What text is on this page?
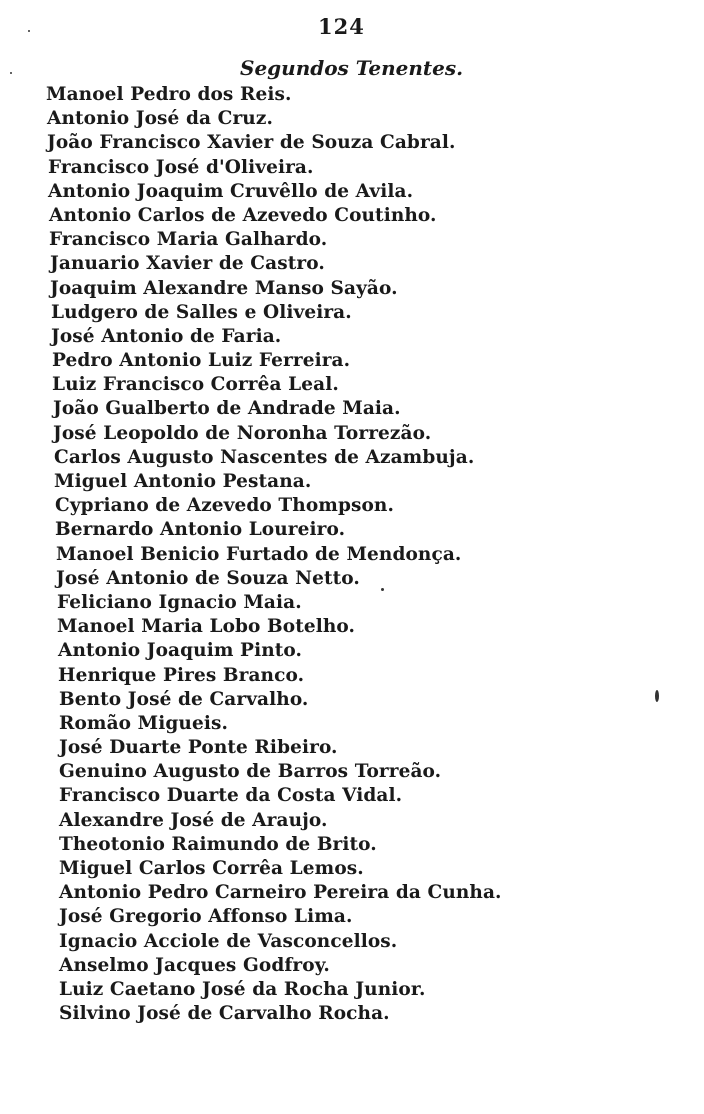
124
Segundos Tenentes.
Manoel Pedro dos Reis.
Antonio José da Cruz.
João Francisco Xavier de Souza Cabral.
Francisco José d'Oliveira.
Antonio Joaquim Cruvêllo de Avila.
Antonio Carlos de Azevedo Coutinho.
Francisco Maria Galhardo.
Januario Xavier de Castro.
Joaquim Alexandre Manso Sayão.
Ludgero de Salles e Oliveira.
José Antonio de Faria.
Pedro Antonio Luiz Ferreira.
Luiz Francisco Corrêa Leal.
João Gualberto de Andrade Maia.
José Leopoldo de Noronha Torrezão.
Carlos Augusto Nascentes de Azambuja.
Miguel Antonio Pestana.
Cypriano de Azevedo Thompson.
Bernardo Antonio Loureiro.
Manoel Benicio Furtado de Mendonça.
José Antonio de Souza Netto.
Feliciano Ignacio Maia.
Manoel Maria Lobo Botelho.
Antonio Joaquim Pinto.
Henrique Pires Branco.
Bento José de Carvalho.
Romão Migueis.
José Duarte Ponte Ribeiro.
Genuino Augusto de Barros Torreão.
Francisco Duarte da Costa Vidal.
Alexandre José de Araujo.
Theotonio Raimundo de Brito.
Miguel Carlos Corrêa Lemos.
Antonio Pedro Carneiro Pereira da Cunha.
José Gregorio Affonso Lima.
Ignacio Acciole de Vasconcellos.
Anselmo Jacques Godfroy.
Luiz Caetano José da Rocha Junior.
Silvino José de Carvalho Rocha.
